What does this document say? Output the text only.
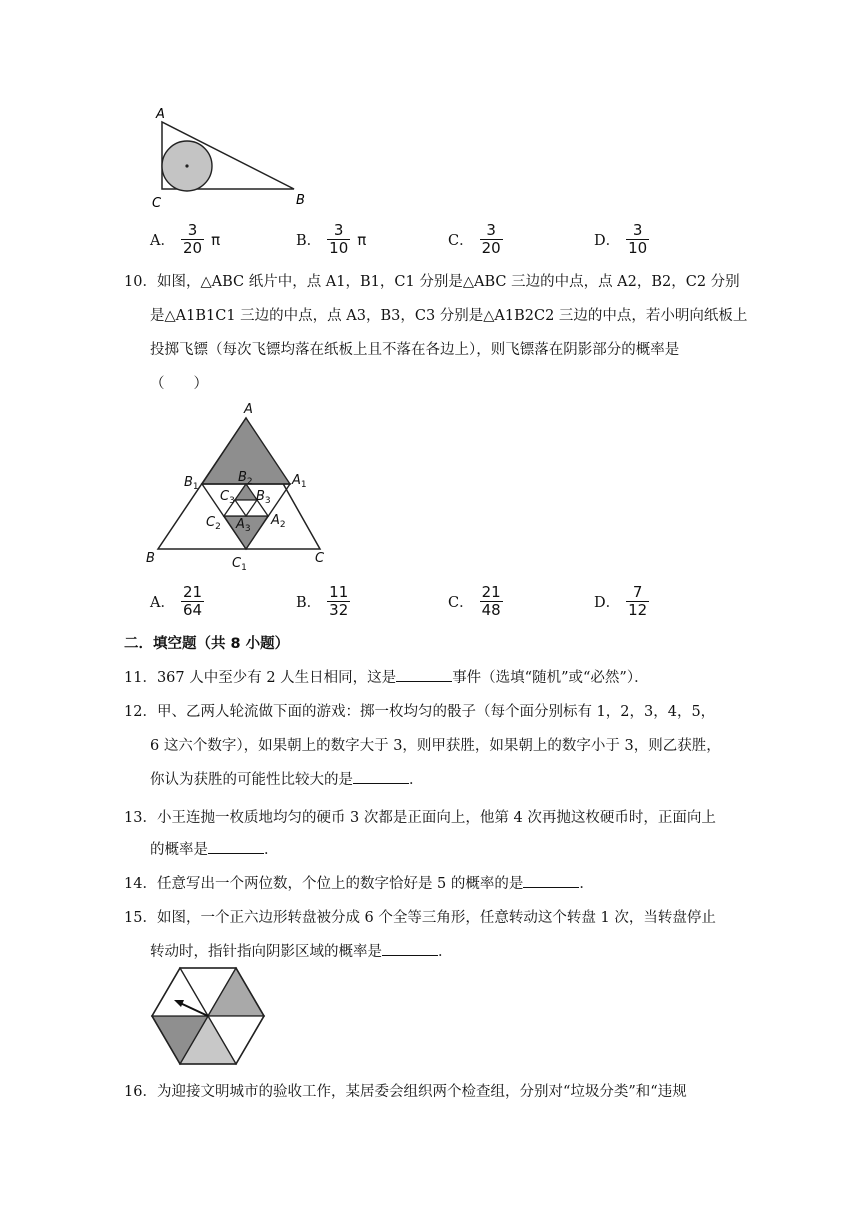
A
C	B
A． $\frac{3}{20}$ π	B． $\frac{3}{10}$ π	C． $\frac{3}{20}$	D． $\frac{3}{10}$
10．如图，△ABC 纸片中，点 A1，B1，C1 分别是△ABC 三边的中点，点 A2，B2，C2 分别
是△A1B1C1 三边的中点，点 A3，B3，C3 分别是△A1B2C2 三边的中点，若小明向纸板上
投掷飞镖（每次飞镖均落在纸板上且不落在各边上），则飞镖落在阴影部分的概率是
（　　）
A
B	C
$B_1$	$A_1$
$C_1$
$B_2$
$C_2$	$A_2$
$C_3$ $B_3$
$A_3$
A． $\frac{21}{64}$	B． $\frac{11}{32}$	C． $\frac{21}{48}$	D． $\frac{7}{12}$
二．填空题（共 8 小题）
11．367 人中至少有 2 人生日相同，这是	事件（选填“随机”或“必然”）．
12．甲、乙两人轮流做下面的游戏：掷一枚均匀的骰子（每个面分别标有 1，2，3，4，5，
6 这六个数字），如果朝上的数字大于 3，则甲获胜，如果朝上的数字小于 3，则乙获胜，
你认为获胜的可能性比较大的是	．
13．小王连抛一枚质地均匀的硬币 3 次都是正面向上，他第 4 次再抛这枚硬币时，正面向上
的概率是	．
14．任意写出一个两位数，个位上的数字恰好是 5 的概率的是	．
15．如图，一个正六边形转盘被分成 6 个全等三角形，任意转动这个转盘 1 次，当转盘停止
转动时，指针指向阴影区域的概率是	．
16．为迎接文明城市的验收工作，某居委会组织两个检查组，分别对“垃圾分类”和“违规
